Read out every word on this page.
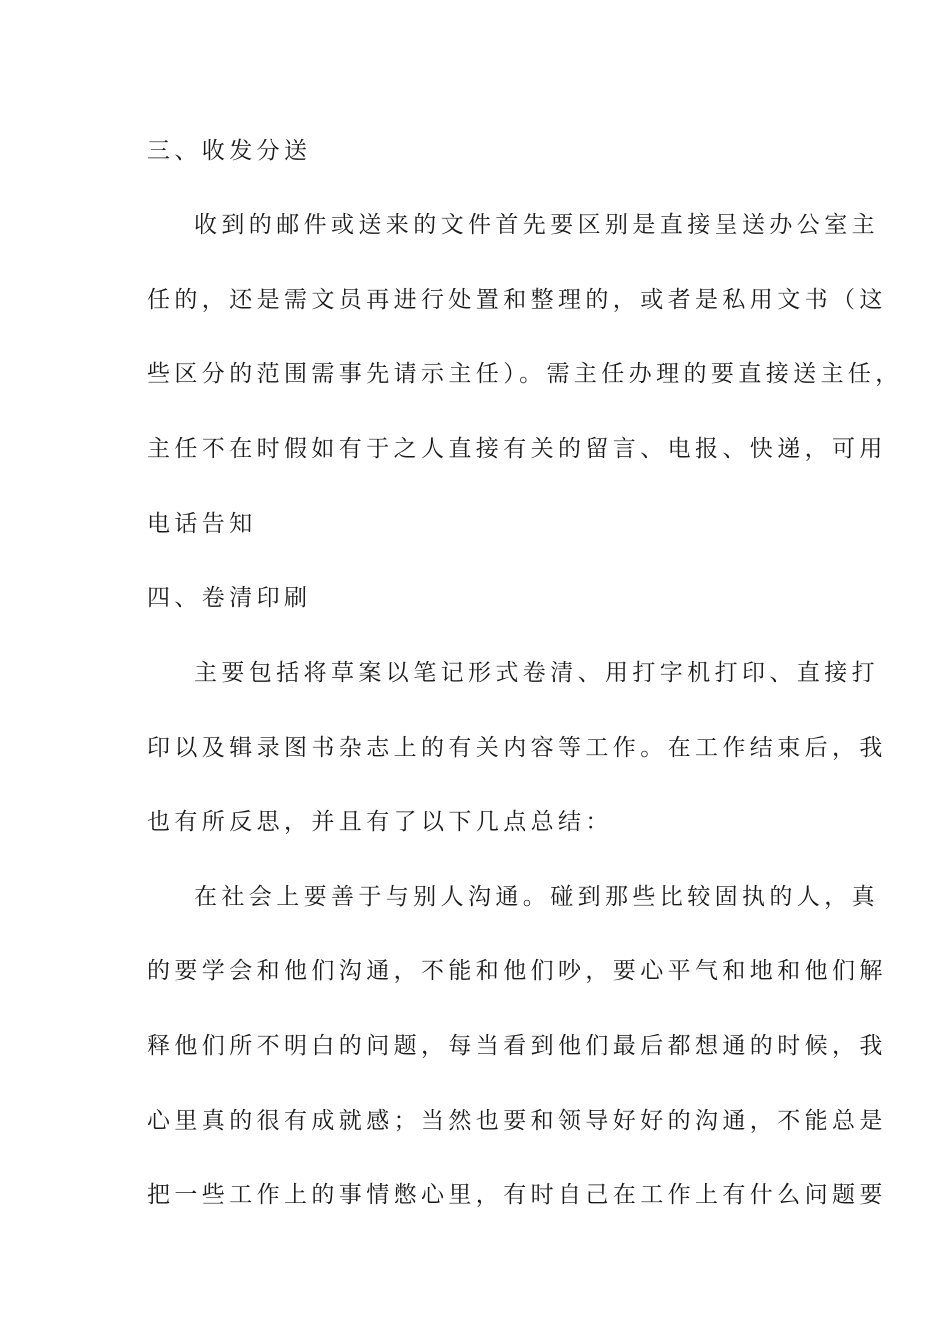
三、收发分送
收到的邮件或送来的文件首先要区别是直接呈送办公室主
任的，还是需文员再进行处置和整理的，或者是私用文书（这
些区分的范围需事先请示主任）。需主任办理的要直接送主任，
主任不在时假如有于之人直接有关的留言、电报、快递，可用
电话告知
四、卷清印刷
主要包括将草案以笔记形式卷清、用打字机打印、直接打
印以及辑录图书杂志上的有关内容等工作。在工作结束后，我
也有所反思，并且有了以下几点总结：
在社会上要善于与别人沟通。碰到那些比较固执的人，真
的要学会和他们沟通，不能和他们吵，要心平气和地和他们解
释他们所不明白的问题，每当看到他们最后都想通的时候，我
心里真的很有成就感；当然也要和领导好好的沟通，不能总是
把一些工作上的事情憋心里，有时自己在工作上有什么问题要
